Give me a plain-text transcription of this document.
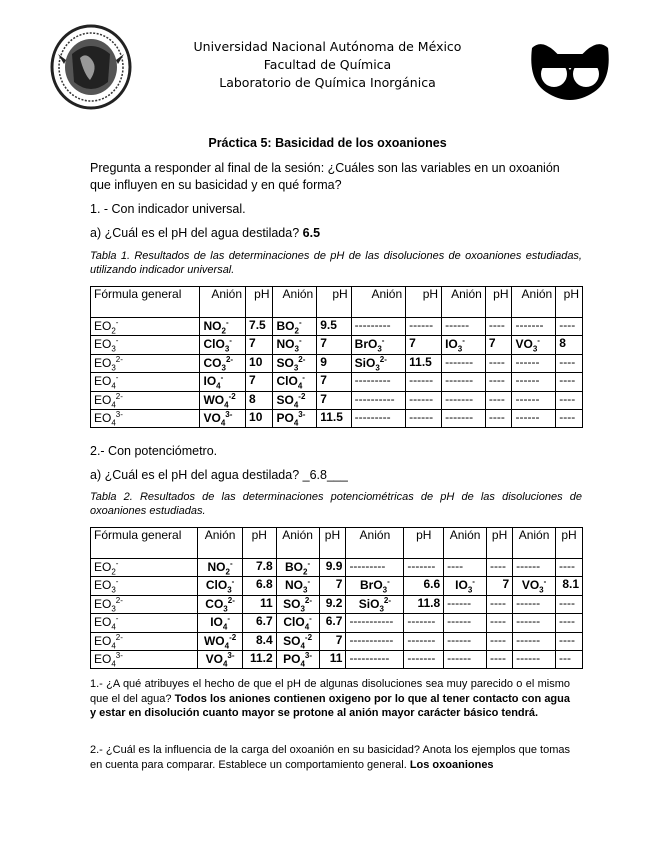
Universidad Nacional Autónoma de México
Facultad de Química
Laboratorio de Química Inorgánica
Práctica 5: Basicidad de los oxoaniones
Pregunta a responder al final de la sesión: ¿Cuáles son las variables en un oxoanión que influyen en su basicidad y en qué forma?
1. - Con indicador universal.
a) ¿Cuál es el pH del agua destilada? 6.5
Tabla 1. Resultados de las determinaciones de pH de las disoluciones de oxoaniones estudiadas, utilizando indicador universal.
Fórmula general	Anión	pH	Anión	pH	Anión	pH	Anión	pH	Anión	pH
$EO_2^-$	$NO_2^-$	7.5	$BO_2^-$	9.5	---------	------	------	----	-------	----
$EO_3^-$	ClO$_3$-	7	$NO_3^-$	7	BrO$_3$-	7	$IO_3^-$	7	$VO_3^-$	8
$EO_3^{2-}$	$CO_3^{2-}$	10	$SO_3^{2-}$	9	SiO$_3^{2-}$	11.5	-------	----	------	----
$EO_4^-$	$IO_4^-$	7	ClO$_4$-	7	---------	------	-------	----	------	----
$EO_4^{2-}$	$WO_4^{-2}$	8	$SO_4^{-2}$	7	----------	------	-------	----	------	----
$EO_4^{3-}$	$VO_4^{3-}$	10	$PO_4^{3-}$	11.5	---------	------	-------	----	------	----
2.- Con potenciómetro.
a) ¿Cuál es el pH del agua destilada? _6.8___
Tabla 2. Resultados de las determinaciones potenciométricas de pH de las disoluciones de oxoaniones estudiadas.
Fórmula general	Anión	pH	Anión	pH	Anión	pH	Anión	pH	Anión	pH
$EO_2^-$	$NO_2^-$	7.8	$BO_2^-$	9.9	---------	-------	----	----	------	----
$EO_3^-$	ClO$_3$-	6.8	$NO_3^-$	7	BrO$_3$-	6.6	$IO_3^-$	7	$VO_3^-$	8.1
$EO_3^{2-}$	$CO_3^{2-}$	11	$SO_3^{2-}$	9.2	SiO$_3^{2-}$	11.8	------	----	------	----
$EO_4^-$	$IO_4^-$	6.7	ClO$_4$-	6.7	-----------	-------	------	----	------	----
$EO_4^{2-}$	$WO_4^{-2}$	8.4	$SO_4^{-2}$	7	-----------	-------	------	----	------	----
$EO_4^{3-}$	$VO_4^{3-}$	11.2	$PO_4^{3-}$	11	----------	-------	------	----	------	---
1.- ¿A qué atribuyes el hecho de que el pH de algunas disoluciones sea muy parecido o el mismo que el del agua? Todos los aniones contienen oxigeno por lo que al tener contacto con agua y estar en disolución cuanto mayor se protone al anión mayor carácter básico tendrá.
2.- ¿Cuál es la influencia de la carga del oxoanión en su basicidad? Anota los ejemplos que tomas en cuenta para comparar. Establece un comportamiento general. Los oxoaniones
